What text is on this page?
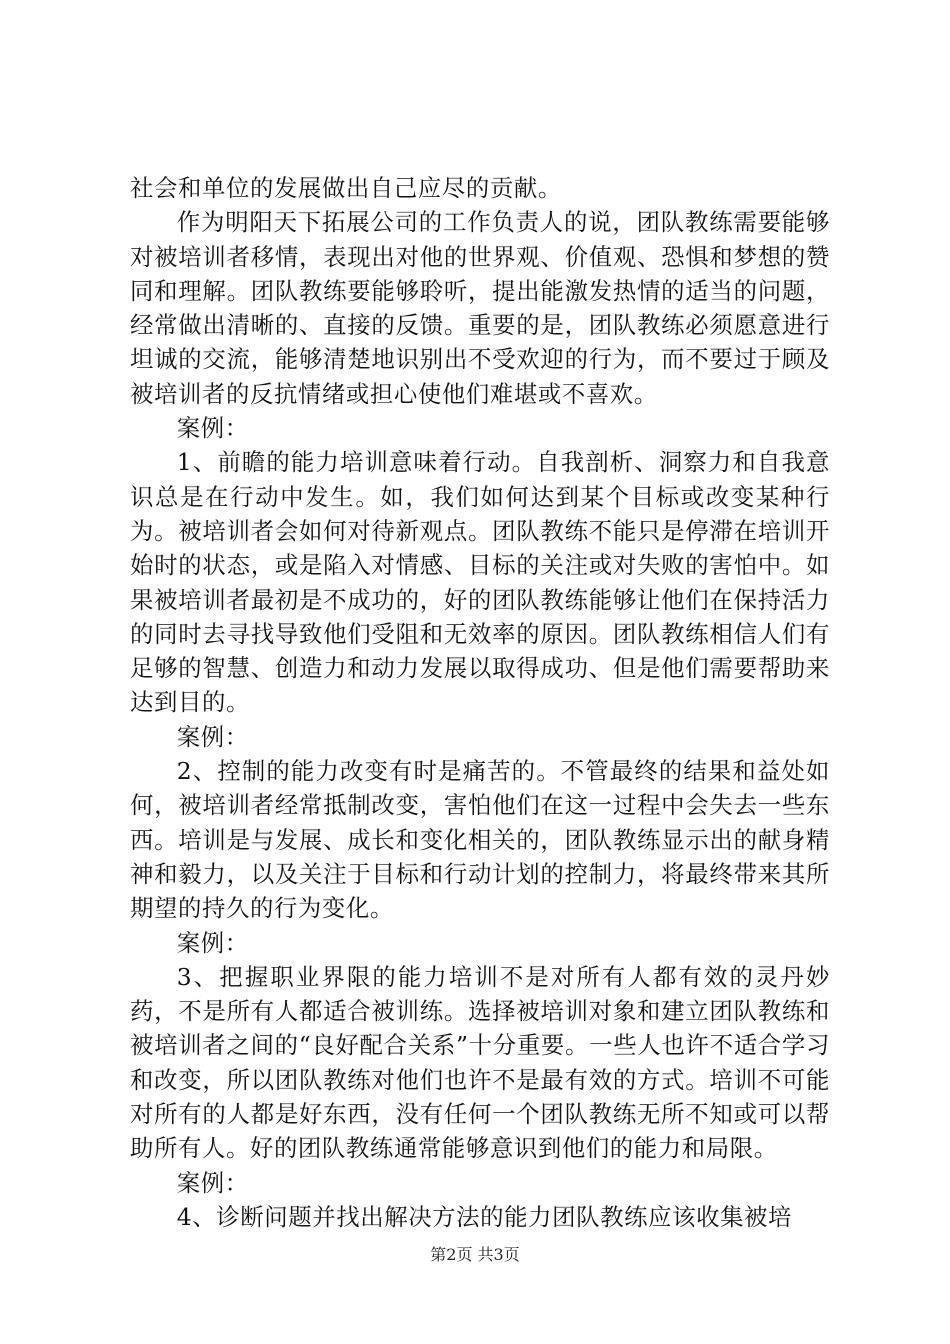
社会和单位的发展做出自己应尽的贡献。

作为明阳天下拓展公司的工作负责人的说，团队教练需要能够对被培训者移情，表现出对他的世界观、价值观、恐惧和梦想的赞同和理解。团队教练要能够聆听，提出能激发热情的适当的问题，经常做出清晰的、直接的反馈。重要的是，团队教练必须愿意进行坦诚的交流，能够清楚地识别出不受欢迎的行为，而不要过于顾及被培训者的反抗情绪或担心使他们难堪或不喜欢。

案例：

1、前瞻的能力培训意味着行动。自我剖析、洞察力和自我意识总是在行动中发生。如，我们如何达到某个目标或改变某种行为。被培训者会如何对待新观点。团队教练不能只是停滞在培训开始时的状态，或是陷入对情感、目标的关注或对失败的害怕中。如果被培训者最初是不成功的，好的团队教练能够让他们在保持活力的同时去寻找导致他们受阻和无效率的原因。团队教练相信人们有足够的智慧、创造力和动力发展以取得成功、但是他们需要帮助来达到目的。

案例：

2、控制的能力改变有时是痛苦的。不管最终的结果和益处如何，被培训者经常抵制改变，害怕他们在这一过程中会失去一些东西。培训是与发展、成长和变化相关的，团队教练显示出的献身精神和毅力，以及关注于目标和行动计划的控制力，将最终带来其所期望的持久的行为变化。

案例：

3、把握职业界限的能力培训不是对所有人都有效的灵丹妙药，不是所有人都适合被训练。选择被培训对象和建立团队教练和被培训者之间的“良好配合关系”十分重要。一些人也许不适合学习和改变，所以团队教练对他们也许不是最有效的方式。培训不可能对所有的人都是好东西，没有任何一个团队教练无所不知或可以帮助所有人。好的团队教练通常能够意识到他们的能力和局限。

案例：

4、诊断问题并找出解决方法的能力团队教练应该收集被培

第2页 共3页
